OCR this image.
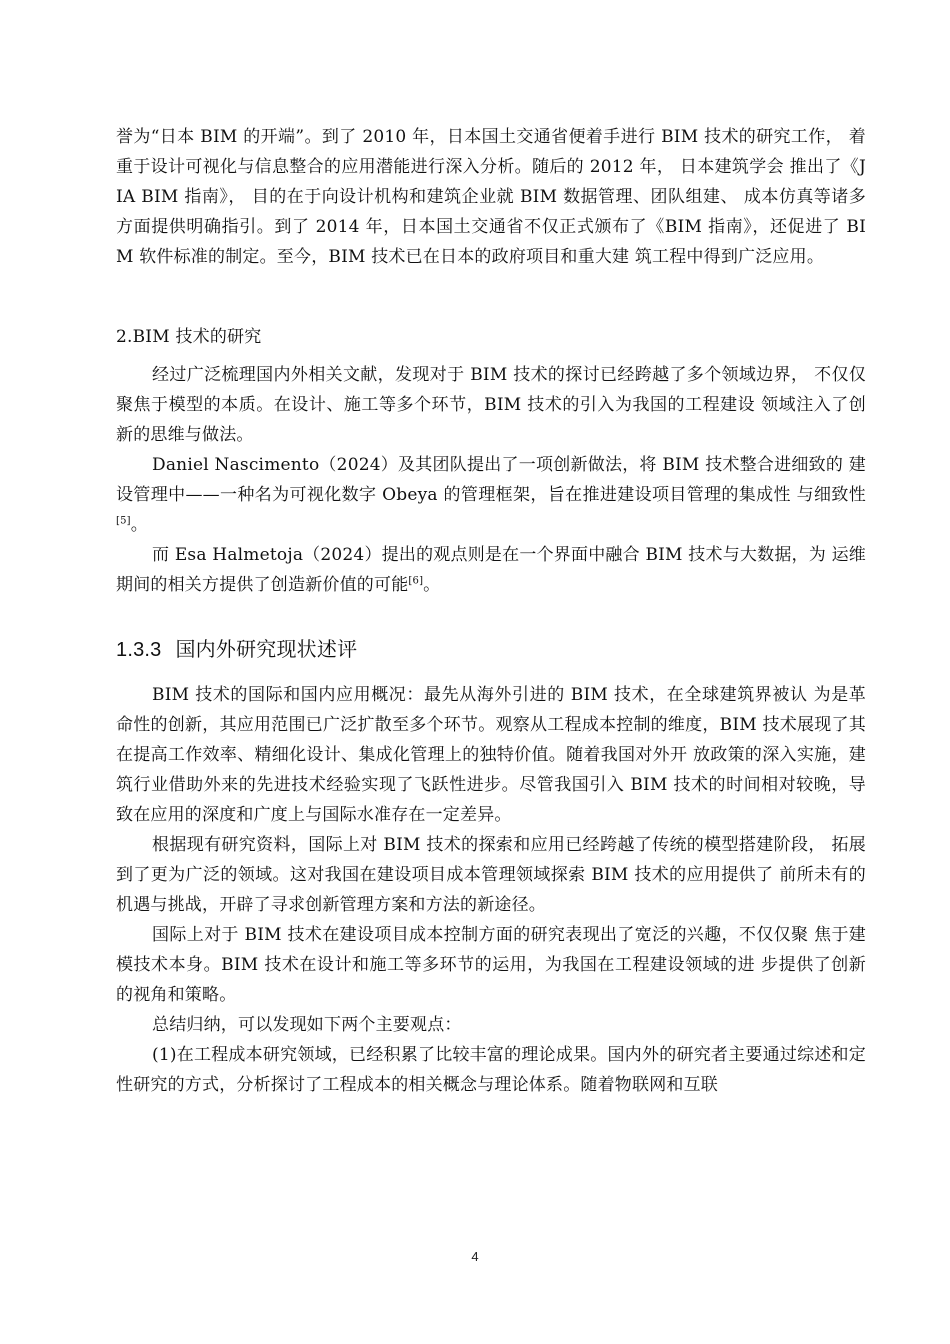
誉为“日本 BIM 的开端”。到了 2010 年，日本国土交通省便着手进行 BIM 技术的研究工作， 着重于设计可视化与信息整合的应用潜能进行深入分析。随后的 2012 年， 日本建筑学会 推出了《JIA BIM 指南》， 目的在于向设计机构和建筑企业就 BIM 数据管理、团队组建、 成本仿真等诸多方面提供明确指引。到了 2014 年，日本国土交通省不仅正式颁布了《BIM 指南》，还促进了 BIM 软件标准的制定。至今，BIM 技术已在日本的政府项目和重大建 筑工程中得到广泛应用。

2.BIM 技术的研究

经过广泛梳理国内外相关文献，发现对于 BIM 技术的探讨已经跨越了多个领域边界， 不仅仅聚焦于模型的本质。在设计、施工等多个环节，BIM 技术的引入为我国的工程建设 领域注入了创新的思维与做法。

Daniel Nascimento（2024）及其团队提出了一项创新做法，将 BIM 技术整合进细致的 建设管理中——一种名为可视化数字 Obeya 的管理框架，旨在推进建设项目管理的集成性 与细致性[5]。

而 Esa Halmetoja（2024）提出的观点则是在一个界面中融合 BIM 技术与大数据，为 运维期间的相关方提供了创造新价值的可能[6]。

1.3.3 国内外研究现状述评

BIM 技术的国际和国内应用概况：最先从海外引进的 BIM 技术，在全球建筑界被认 为是革命性的创新，其应用范围已广泛扩散至多个环节。观察从工程成本控制的维度，BIM 技术展现了其在提高工作效率、精细化设计、集成化管理上的独特价值。随着我国对外开 放政策的深入实施，建筑行业借助外来的先进技术经验实现了飞跃性进步。尽管我国引入 BIM 技术的时间相对较晚，导致在应用的深度和广度上与国际水准存在一定差异。

根据现有研究资料，国际上对 BIM 技术的探索和应用已经跨越了传统的模型搭建阶段， 拓展到了更为广泛的领域。这对我国在建设项目成本管理领域探索 BIM 技术的应用提供了 前所未有的机遇与挑战，开辟了寻求创新管理方案和方法的新途径。

国际上对于 BIM 技术在建设项目成本控制方面的研究表现出了宽泛的兴趣，不仅仅聚 焦于建模技术本身。BIM 技术在设计和施工等多环节的运用，为我国在工程建设领域的进 步提供了创新的视角和策略。

总结归纳，可以发现如下两个主要观点：

(1)在工程成本研究领域，已经积累了比较丰富的理论成果。国内外的研究者主要通过综述和定性研究的方式，分析探讨了工程成本的相关概念与理论体系。随着物联网和互联

4
